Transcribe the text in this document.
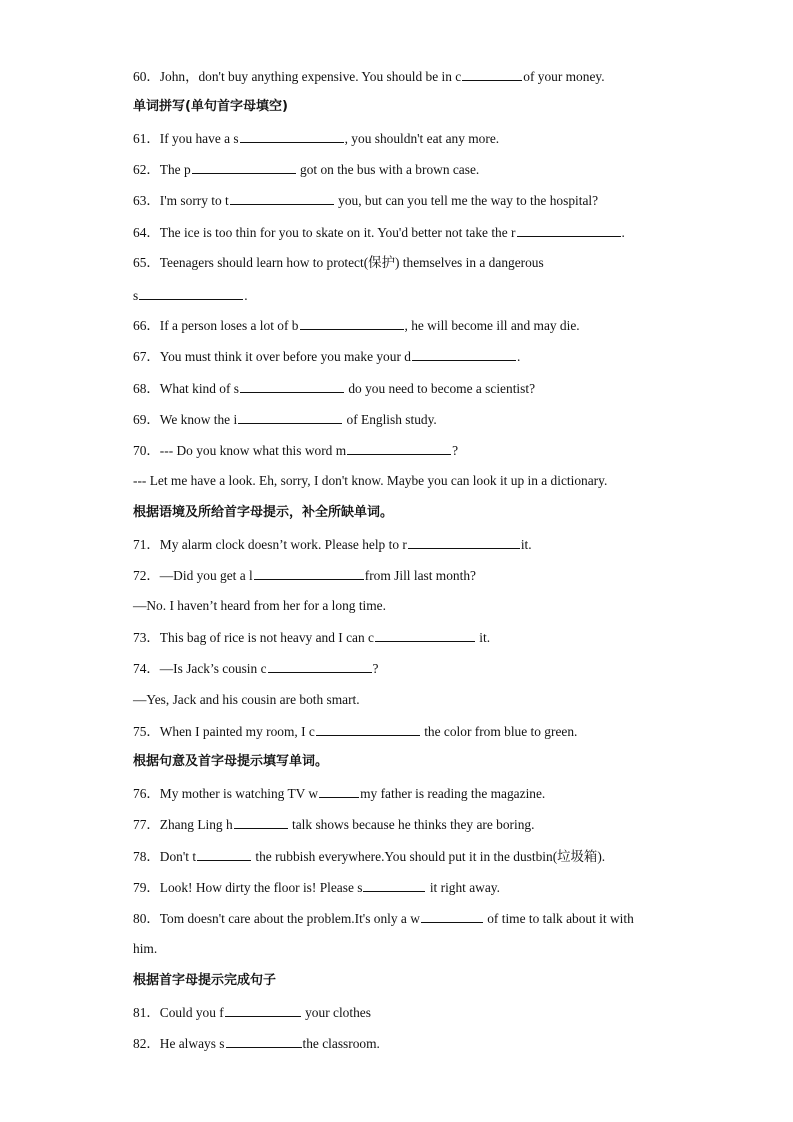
60．John，don't buy anything expensive. You should be in c	of your money.
单词拼写(单句首字母填空)
61．If you have a s	, you shouldn't eat any more.
62．The p	got on the bus with a brown case.
63．I'm sorry to t	you, but can you tell me the way to the hospital?
64．The ice is too thin for you to skate on it. You'd better not take the r	.
65．Teenagers should learn how to protect(保护) themselves in a dangerous
s	.
66．If a person loses a lot of b	, he will become ill and may die.
67．You must think it over before you make your d	.
68．What kind of s	do you need to become a scientist?
69．We know the i	of English study.
70．--- Do you know what this word m	?
--- Let me have a look. Eh, sorry, I don't know. Maybe you can look it up in a dictionary.
根据语境及所给首字母提示，补全所缺单词。
71．My alarm clock doesn’t work. Please help to r	it.
72．—Did you get a l	from Jill last month?
—No. I haven’t heard from her for a long time.
73．This bag of rice is not heavy and I can c	it.
74．—Is Jack’s cousin c	?
—Yes, Jack and his cousin are both smart.
75．When I painted my room, I c	the color from blue to green.
根据句意及首字母提示填写单词。
76．My mother is watching TV w	my father is reading the magazine.
77．Zhang Ling h	talk shows because he thinks they are boring.
78．Don't t	the rubbish everywhere.You should put it in the dustbin(垃圾箱).
79．Look! How dirty the floor is! Please s	it right away.
80．Tom doesn't care about the problem.It's only a w	of time to talk about it with
him.
根据首字母提示完成句子
81．Could you f	your clothes
82．He always s	the classroom.
